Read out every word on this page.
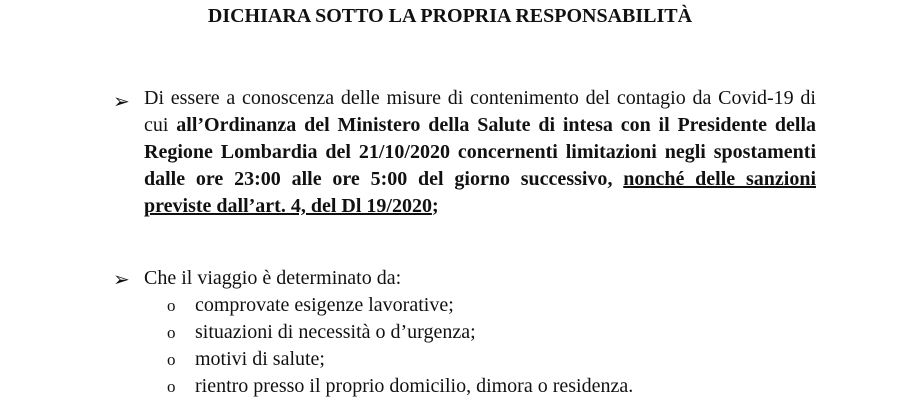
DICHIARA SOTTO LA PROPRIA RESPONSABILITÀ
➢ Di essere a conoscenza delle misure di contenimento del contagio da Covid-19 di cui all’Ordinanza del Ministero della Salute di intesa con il Presidente della Regione Lombardia del 21/10/2020 concernenti limitazioni negli spostamenti dalle ore 23:00 alle ore 5:00 del giorno successivo, nonché delle sanzioni previste dall’art. 4, del Dl 19/2020;
➢ Che il viaggio è determinato da:
o comprovate esigenze lavorative;
o situazioni di necessità o d’urgenza;
o motivi di salute;
o rientro presso il proprio domicilio, dimora o residenza.
